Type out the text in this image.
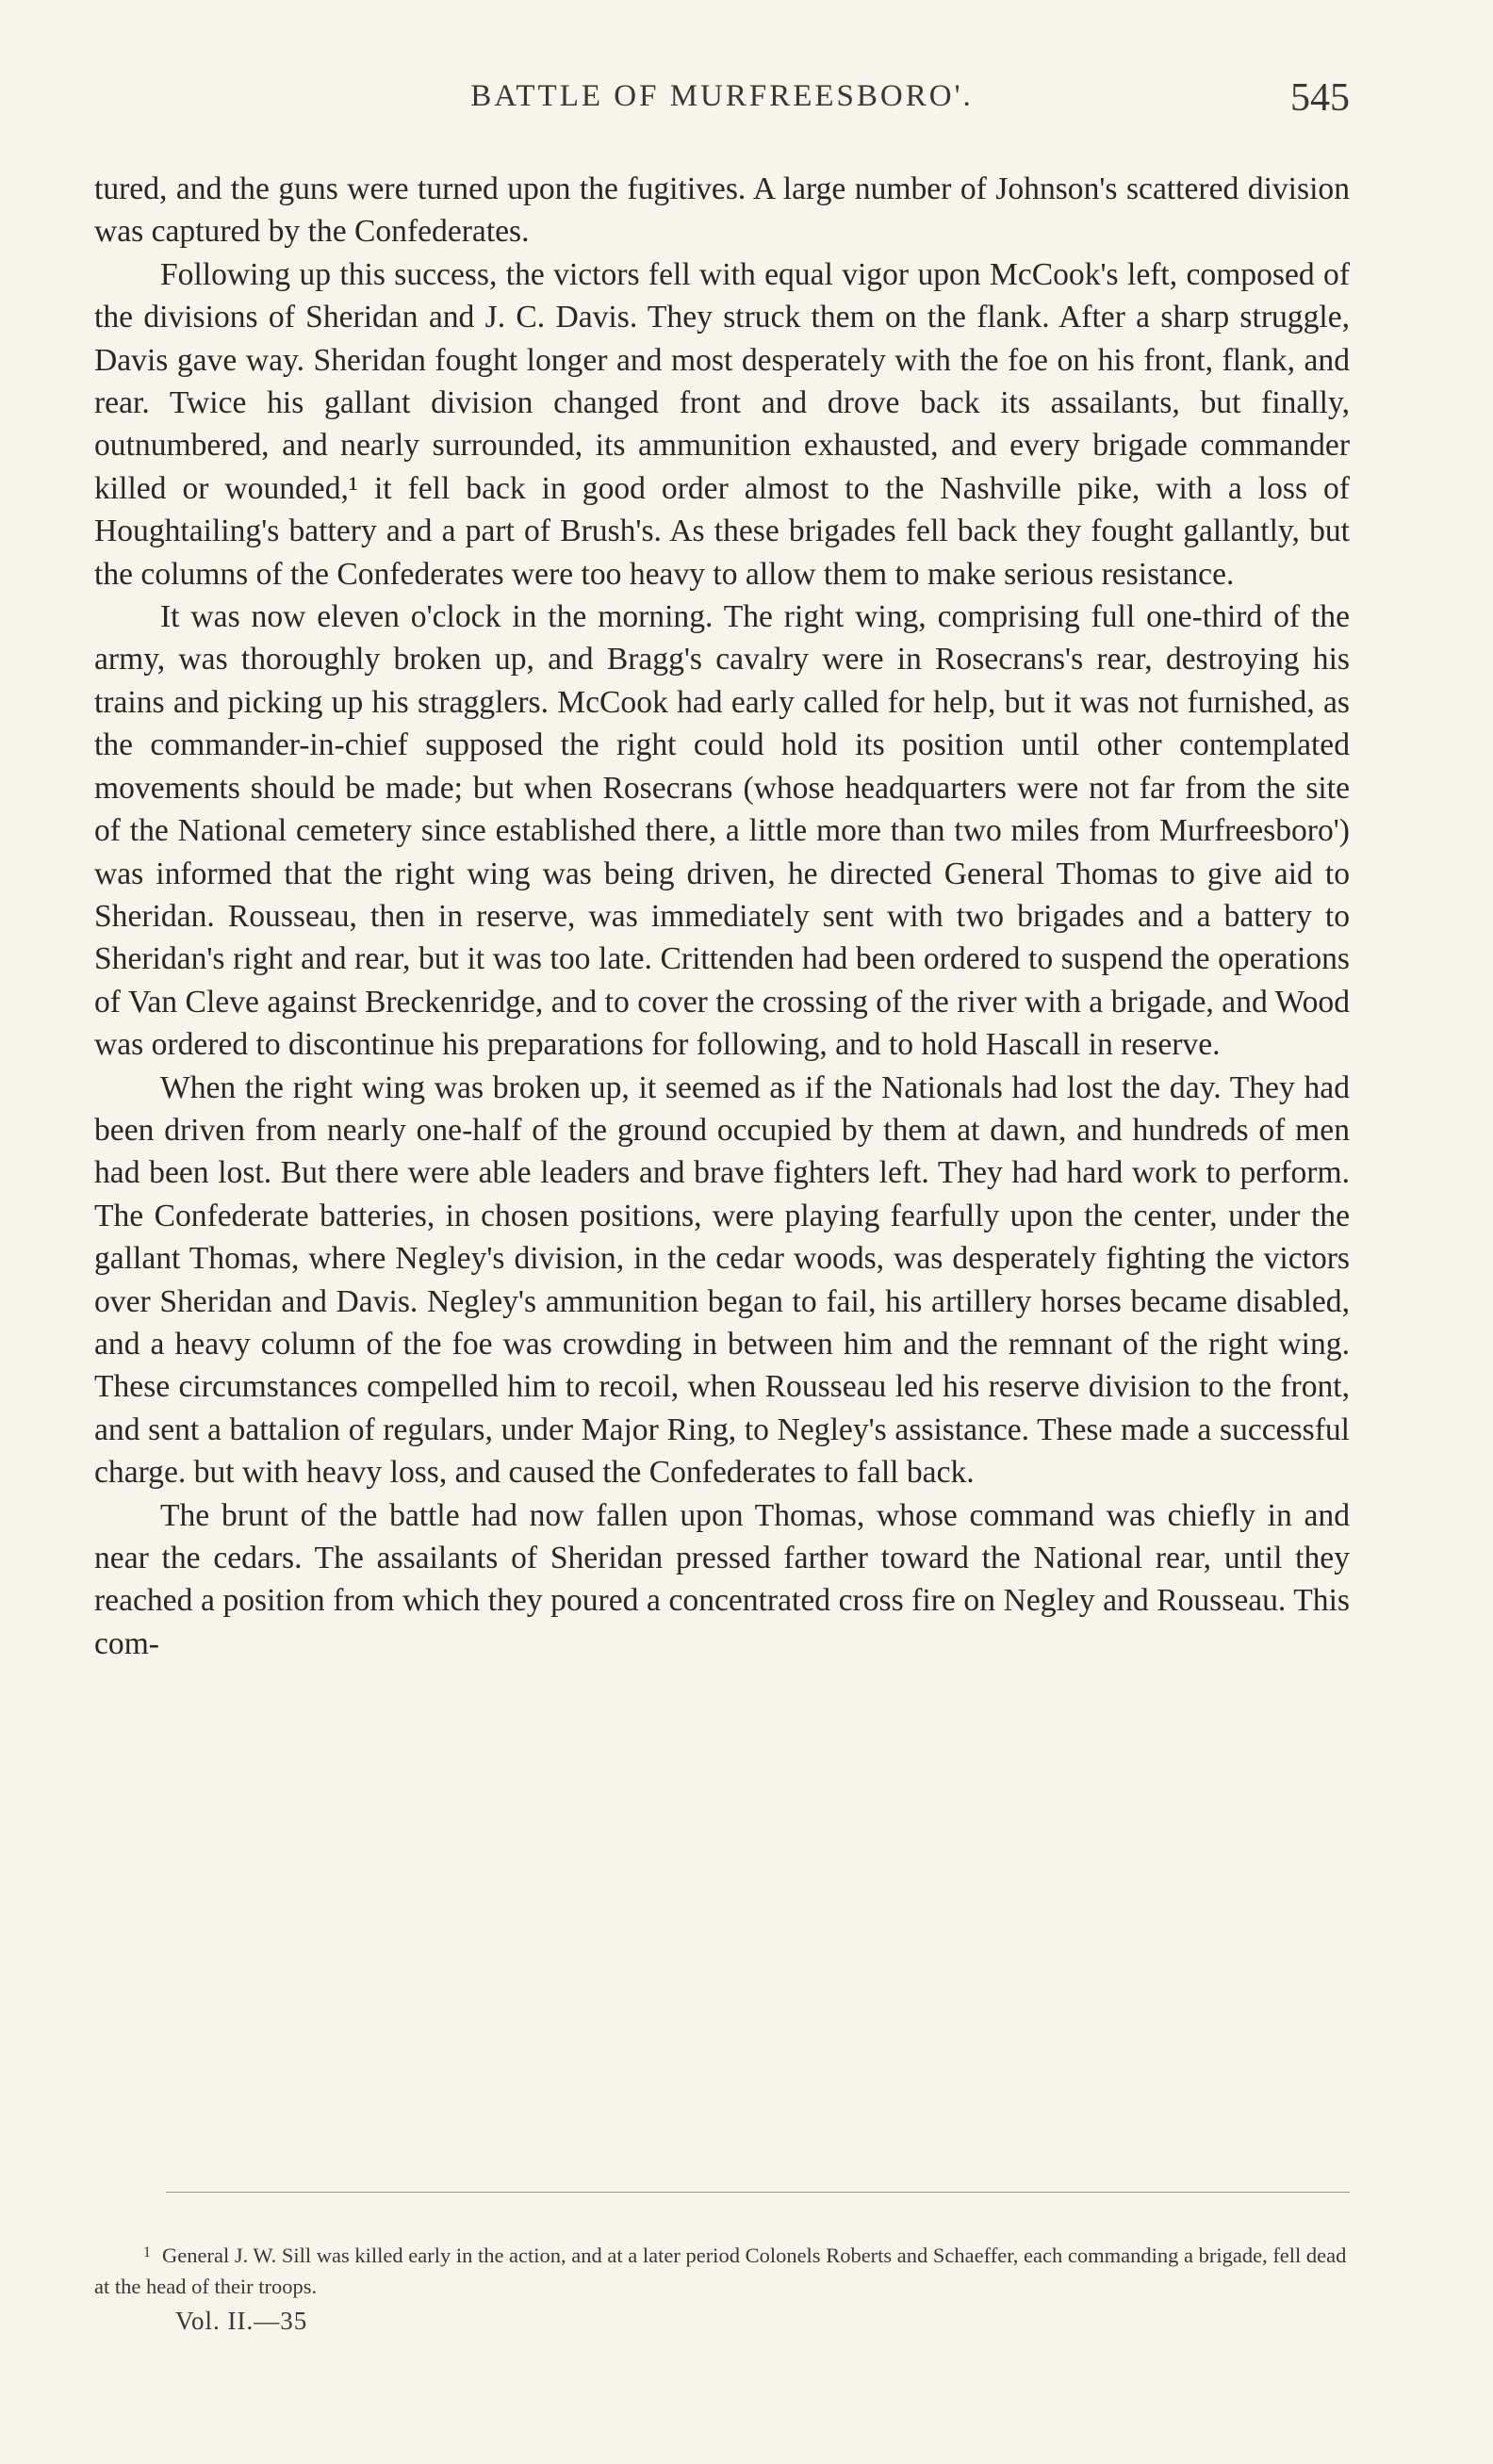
BATTLE OF MURFREESBORO'.	545

tured, and the guns were turned upon the fugitives. A large number of Johnson's scattered division was captured by the Confederates.

Following up this success, the victors fell with equal vigor upon McCook's left, composed of the divisions of Sheridan and J. C. Davis. They struck them on the flank. After a sharp struggle, Davis gave way. Sheridan fought longer and most desperately with the foe on his front, flank, and rear. Twice his gallant division changed front and drove back its assailants, but finally, outnumbered, and nearly surrounded, its ammunition exhausted, and every brigade commander killed or wounded,¹ it fell back in good order almost to the Nashville pike, with a loss of Houghtailing's battery and a part of Brush's. As these brigades fell back they fought gallantly, but the columns of the Confederates were too heavy to allow them to make serious resistance.

It was now eleven o'clock in the morning. The right wing, comprising full one-third of the army, was thoroughly broken up, and Bragg's cavalry were in Rosecrans's rear, destroying his trains and picking up his stragglers. McCook had early called for help, but it was not furnished, as the commander-in-chief supposed the right could hold its position until other contemplated movements should be made; but when Rosecrans (whose headquarters were not far from the site of the National cemetery since established there, a little more than two miles from Murfreesboro') was informed that the right wing was being driven, he directed General Thomas to give aid to Sheridan. Rousseau, then in reserve, was immediately sent with two brigades and a battery to Sheridan's right and rear, but it was too late. Crittenden had been ordered to suspend the operations of Van Cleve against Breckenridge, and to cover the crossing of the river with a brigade, and Wood was ordered to discontinue his preparations for following, and to hold Hascall in reserve.

When the right wing was broken up, it seemed as if the Nationals had lost the day. They had been driven from nearly one-half of the ground occupied by them at dawn, and hundreds of men had been lost. But there were able leaders and brave fighters left. They had hard work to perform. The Confederate batteries, in chosen positions, were playing fearfully upon the center, under the gallant Thomas, where Negley's division, in the cedar woods, was desperately fighting the victors over Sheridan and Davis. Negley's ammunition began to fail, his artillery horses became disabled, and a heavy column of the foe was crowding in between him and the remnant of the right wing. These circumstances compelled him to recoil, when Rousseau led his reserve division to the front, and sent a battalion of regulars, under Major Ring, to Negley's assistance. These made a successful charge. but with heavy loss, and caused the Confederates to fall back.

The brunt of the battle had now fallen upon Thomas, whose command was chiefly in and near the cedars. The assailants of Sheridan pressed farther toward the National rear, until they reached a position from which they poured a concentrated cross fire on Negley and Rousseau. This com-

$^1$ General J. W. Sill was killed early in the action, and at a later period Colonels Roberts and Schaeffer, each commanding a brigade, fell dead at the head of their troops.

Vol. II.—35
